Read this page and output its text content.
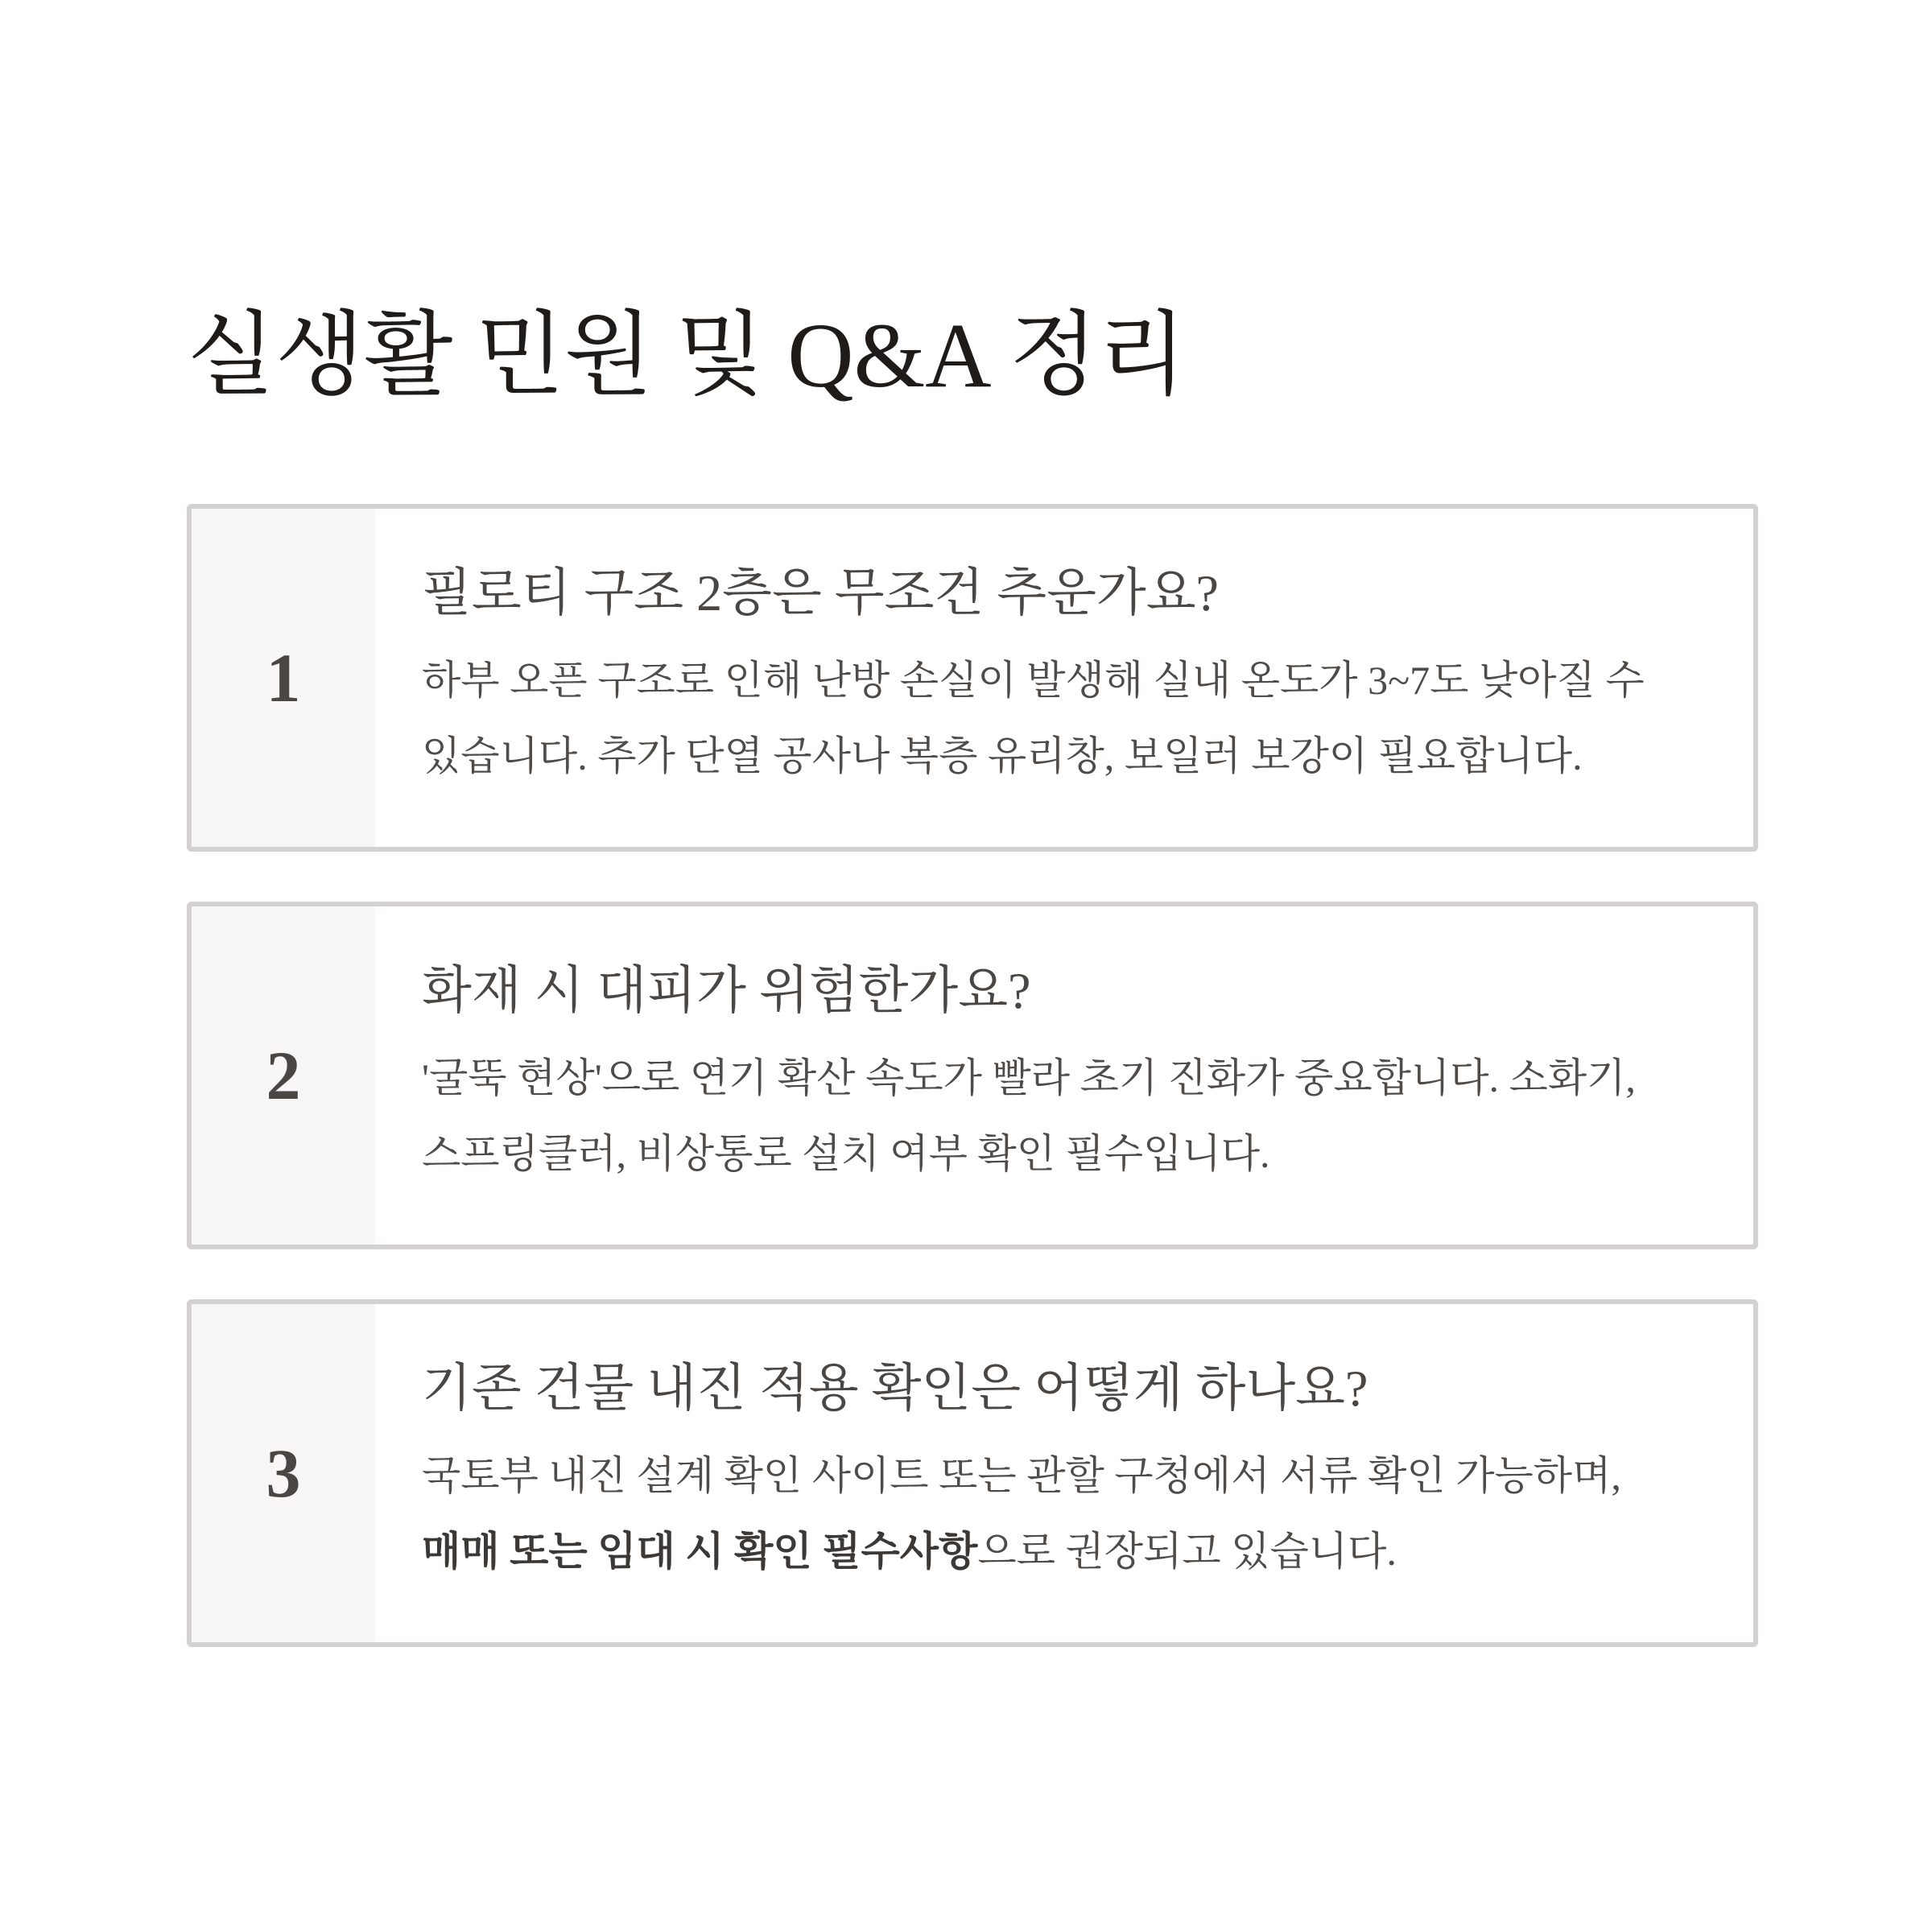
실생활 민원 및 Q&A 정리
1
필로티 구조 2층은 무조건 추운가요?

하부 오픈 구조로 인해 난방 손실이 발생해 실내 온도가 3~7도 낮아질 수
있습니다. 추가 단열 공사나 복층 유리창, 보일러 보강이 필요합니다.

2
화재 시 대피가 위험한가요?

'굴뚝 현상'으로 연기 확산 속도가 빨라 초기 진화가 중요합니다. 소화기,
스프링클러, 비상통로 설치 여부 확인 필수입니다.

3
기존 건물 내진 적용 확인은 어떻게 하나요?

국토부 내진 설계 확인 사이트 또는 관할 구청에서 서류 확인 가능하며,
매매 또는 임대 시 확인 필수사항으로 권장되고 있습니다.
